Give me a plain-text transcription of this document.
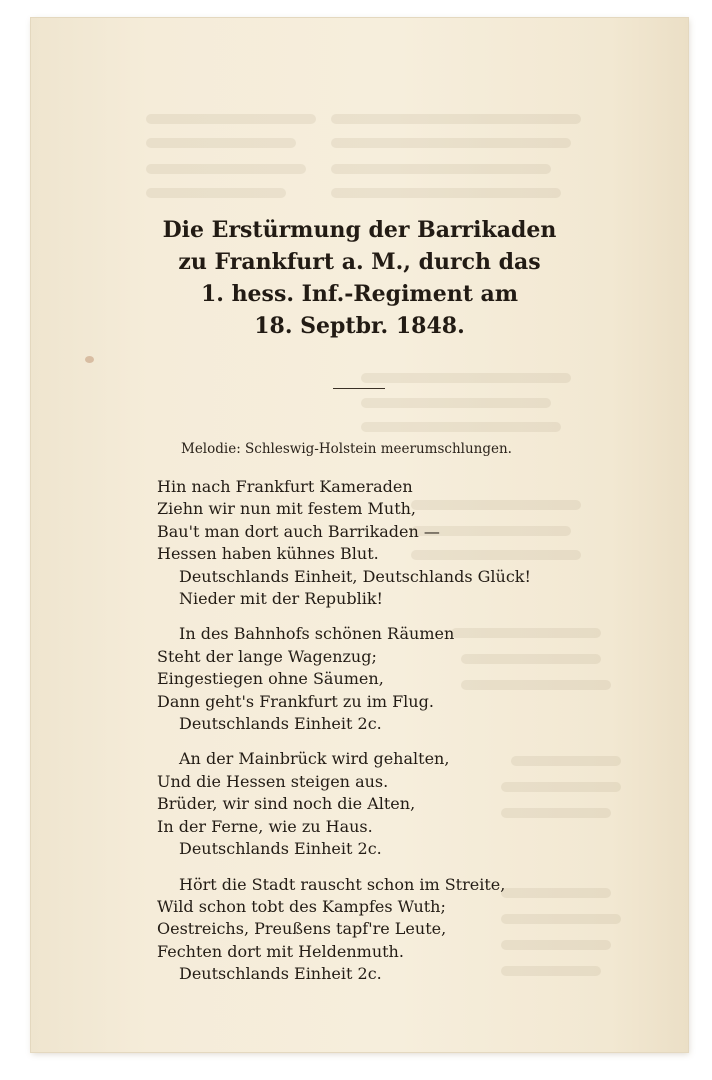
Die Erstürmung der Barrikaden
zu Frankfurt a. M., durch das
1. hess. Inf.-Regiment am
18. Septbr. 1848.
Melodie: Schleswig-Holstein meerumschlungen.
Hin nach Frankfurt Kameraden
Ziehn wir nun mit festem Muth,
Bau't man dort auch Barrikaden —
Hessen haben kühnes Blut.
Deutschlands Einheit, Deutschlands Glück!
Nieder mit der Republik!
In des Bahnhofs schönen Räumen
Steht der lange Wagenzug;
Eingestiegen ohne Säumen,
Dann geht's Frankfurt zu im Flug.
Deutschlands Einheit 2c.
An der Mainbrück wird gehalten,
Und die Hessen steigen aus.
Brüder, wir sind noch die Alten,
In der Ferne, wie zu Haus.
Deutschlands Einheit 2c.
Hört die Stadt rauscht schon im Streite,
Wild schon tobt des Kampfes Wuth;
Oestreichs, Preußens tapf're Leute,
Fechten dort mit Heldenmuth.
Deutschlands Einheit 2c.
